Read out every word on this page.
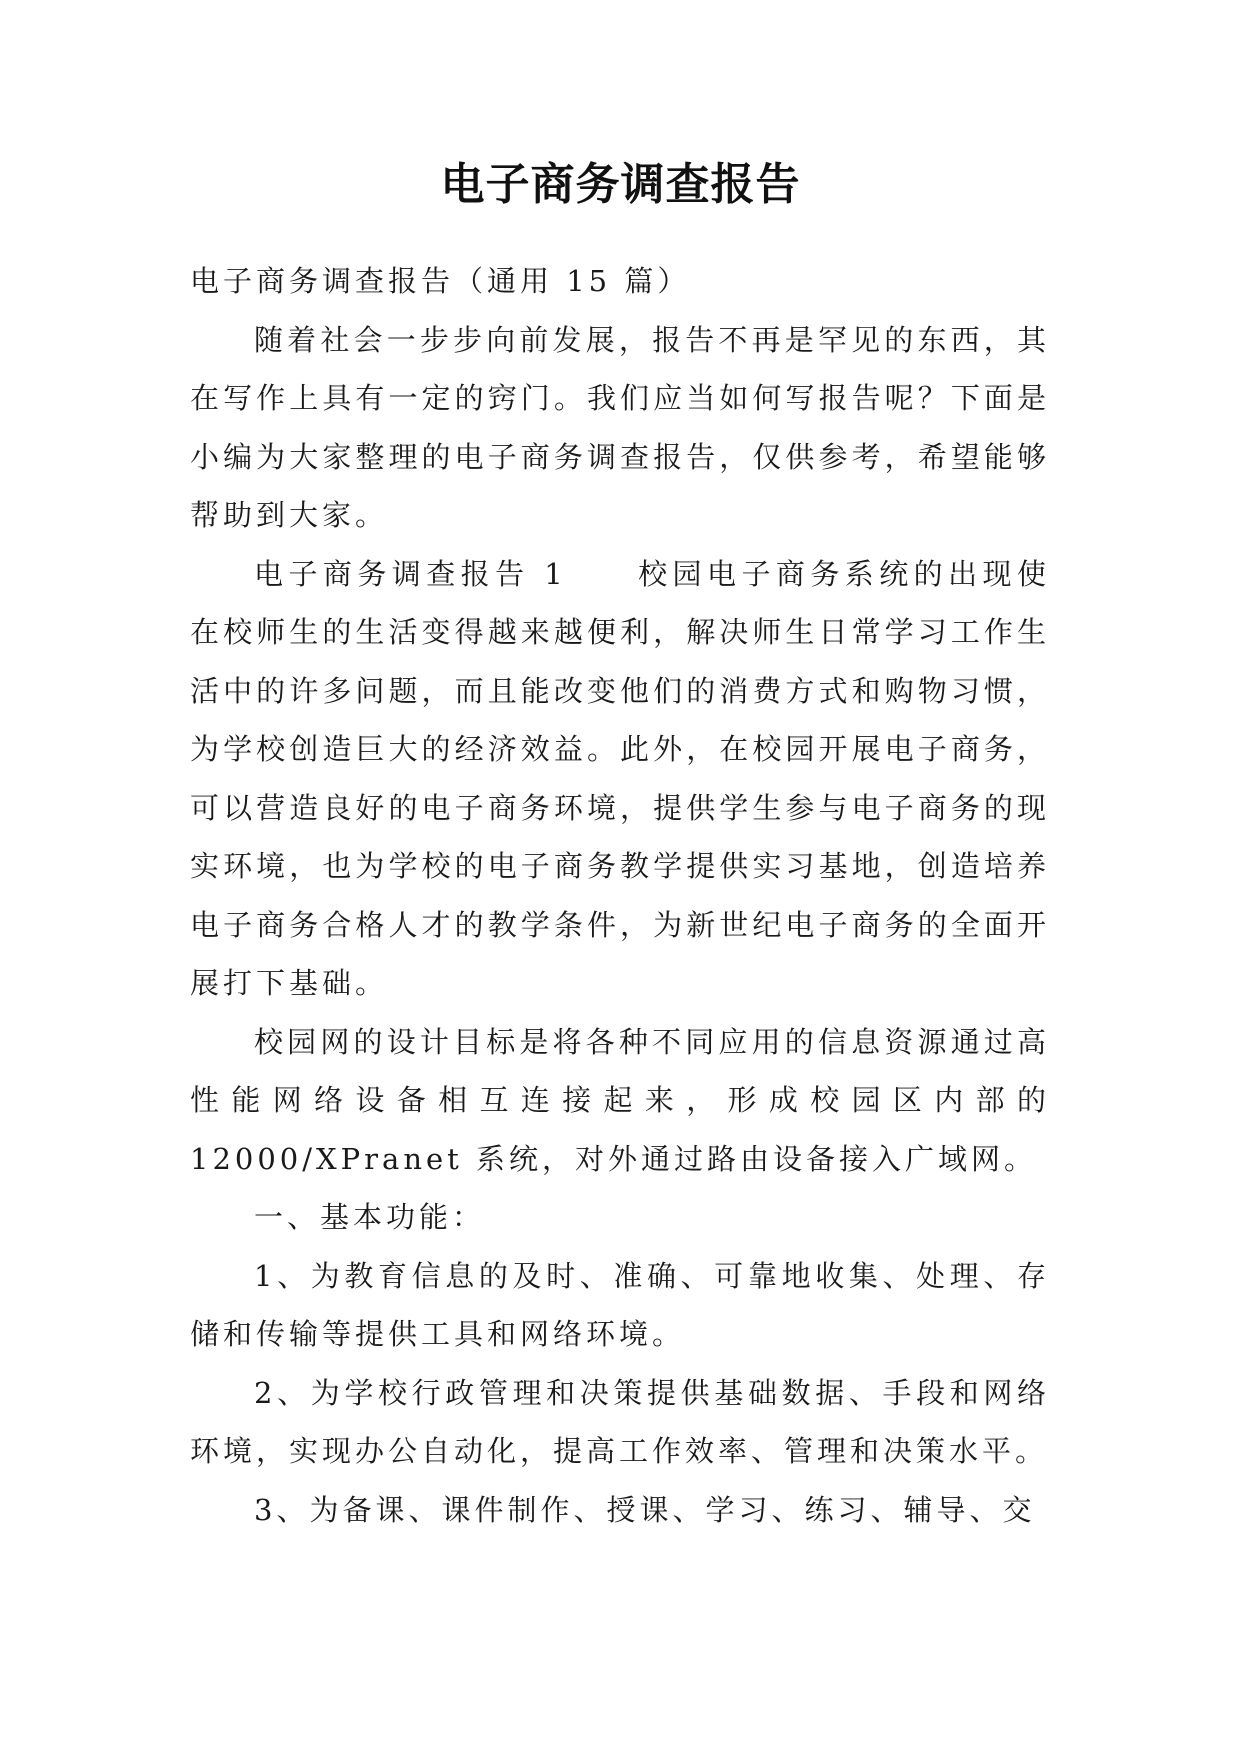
电子商务调查报告

电子商务调查报告（通用 15 篇）

随着社会一步步向前发展，报告不再是罕见的东西，其在写作上具有一定的窍门。我们应当如何写报告呢？下面是小编为大家整理的电子商务调查报告，仅供参考，希望能够帮助到大家。

电子商务调查报告 1 校园电子商务系统的出现使在校师生的生活变得越来越便利，解决师生日常学习工作生活中的许多问题，而且能改变他们的消费方式和购物习惯，为学校创造巨大的经济效益。此外，在校园开展电子商务，可以营造良好的电子商务环境，提供学生参与电子商务的现实环境，也为学校的电子商务教学提供实习基地，创造培养电子商务合格人才的教学条件，为新世纪电子商务的全面开展打下基础。

校园网的设计目标是将各种不同应用的信息资源通过高性能网络设备相互连接起来，形成校园区内部的12000/XPranet 系统，对外通过路由设备接入广域网。

一、基本功能：

1、为教育信息的及时、准确、可靠地收集、处理、存储和传输等提供工具和网络环境。

2、为学校行政管理和决策提供基础数据、手段和网络环境，实现办公自动化，提高工作效率、管理和决策水平。

3、为备课、课件制作、授课、学习、练习、辅导、交
